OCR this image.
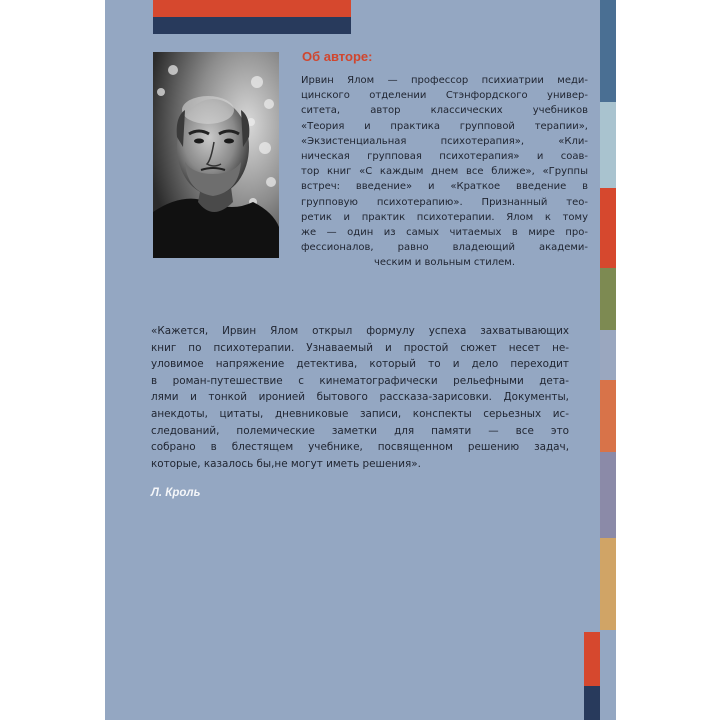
Об авторе:
Ирвин Ялом — профессор психиатрии меди-
цинского отделении Стэнфордского универ-
ситета, автор классических учебников
«Теория и практика групповой терапии»,
«Экзистенциальная психотерапия», «Кли-
ническая групповая психотерапия» и соав-
тор книг «С каждым днем все ближе», «Группы
встреч: введение» и «Краткое введение в
групповую психотерапию». Признанный тео-
ретик и практик психотерапии. Ялом к тому
же — один из самых читаемых в мире про-
фессионалов, равно владеющий академи-
ческим и вольным стилем.
«Кажется, Ирвин Ялом открыл формулу успеха захватывающих
книг по психотерапии. Узнаваемый и простой сюжет несет не-
уловимое напряжение детектива, который то и дело переходит
в роман-путешествие с кинематографически рельефными дета-
лями и тонкой иронией бытового рассказа-зарисовки. Документы,
анекдоты, цитаты, дневниковые записи, конспекты серьезных ис-
следований, полемические заметки для памяти — все это
собрано в блестящем учебнике, посвященном решению задач,
которые, казалось бы,не могут иметь решения».
Л. Кроль
